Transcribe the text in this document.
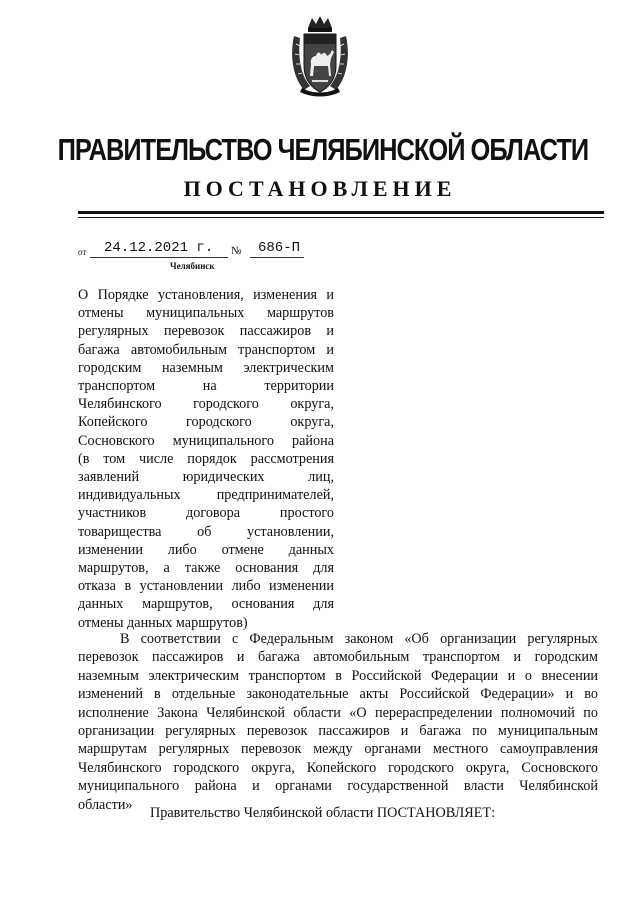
ПРАВИТЕЛЬСТВО ЧЕЛЯБИНСКОЙ ОБЛАСТИ
ПОСТАНОВЛЕНИЕ
от 24.12.2021 г. № 686-П
Челябинск
О Порядке установления, изменения и
отмены муниципальных маршрутов
регулярных перевозок пассажиров и
багажа автомобильным транспортом и
городским наземным электрическим
транспортом на территории
Челябинского городского округа,
Копейского городского округа,
Сосновского муниципального района
(в том числе порядок рассмотрения
заявлений юридических лиц,
индивидуальных предпринимателей,
участников договора простого
товарищества об установлении,
изменении либо отмене данных
маршрутов, а также основания для
отказа в установлении либо изменении
данных маршрутов, основания для
отмены данных маршрутов)
В соответствии с Федеральным законом «Об организации регулярных
перевозок пассажиров и багажа автомобильным транспортом и городским
наземным электрическим транспортом в Российской Федерации и о внесении
изменений в отдельные законодательные акты Российской Федерации» и во
исполнение Закона Челябинской области «О перераспределении полномочий по
организации регулярных перевозок пассажиров и багажа по муниципальным
маршрутам регулярных перевозок между органами местного самоуправления
Челябинского городского округа, Копейского городского округа, Сосновского
муниципального района и органами государственной власти Челябинской
области»
Правительство Челябинской области ПОСТАНОВЛЯЕТ:
